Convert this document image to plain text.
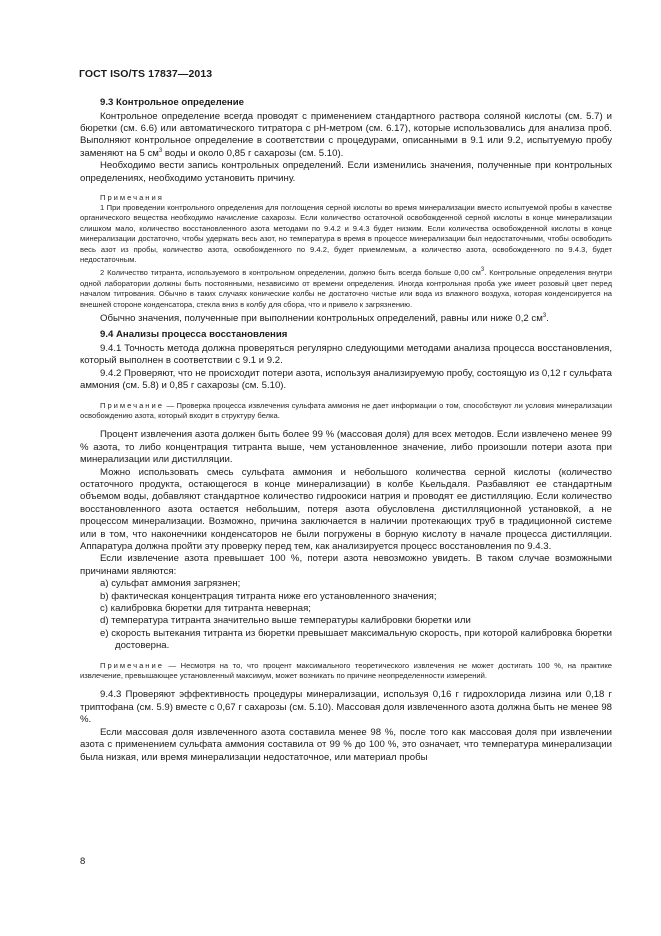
ГОСТ ISO/TS 17837—2013
9.3 Контрольное определение

Контрольное определение всегда проводят с применением стандартного раствора соляной кислоты (см. 5.7) и бюретки (см. 6.6) или автоматического титратора с рН-метром (см. 6.17), которые использовались для анализа проб. Выполняют контрольное определение в соответствии с процедурами, описанными в 9.1 или 9.2, испытуемую пробу заменяют на 5 $см^3$ воды и около 0,85 г сахарозы (см. 5.10).

Необходимо вести запись контрольных определений. Если изменились значения, полученные при контрольных определениях, необходимо установить причину.

Примечания

1 При проведении контрольного определения для поглощения серной кислоты во время минерализации вместо испытуемой пробы в качестве органического вещества необходимо начисление сахарозы. Если количество остаточной освобожденной серной кислоты в конце минерализации слишком мало, количество восстановленного азота методами по 9.4.2 и 9.4.3 будет низким. Если количества освобожденной кислоты в конце минерализации достаточно, чтобы удержать весь азот, но температура в время в процессе минерализации был недостаточными, чтобы освободить весь азот из пробы, количество азота, освобожденного по 9.4.2, будет приемлемым, а количество азота, освобожденного по 9.4.3, будет недостаточным.

2 Количество титранта, используемого в контрольном определении, должно быть всегда больше 0,00 $см^3$. Контрольные определения внутри одной лаборатории должны быть постоянными, независимо от времени определения. Иногда контрольная проба уже имеет розовый цвет перед началом титрования. Обычно в таких случаях конические колбы не достаточно чистые или вода из влажного воздуха, которая конденсируется на внешней стороне конденсатора, стекла вниз в колбу для сбора, что и привело к загрязнению.

Обычно значения, полученные при выполнении контрольных определений, равны или ниже 0,2 $см^3$.

9.4 Анализы процесса восстановления

9.4.1 Точность метода должна проверяться регулярно следующими методами анализа процесса восстановления, который выполнен в соответствии с 9.1 и 9.2.

9.4.2 Проверяют, что не происходит потери азота, используя анализируемую пробу, состоящую из 0,12 г сульфата аммония (см. 5.8) и 0,85 г сахарозы (см. 5.10).

Примечание — Проверка процесса извлечения сульфата аммония не дает информации о том, способствуют ли условия минерализации освобождению азота, который входит в структуру белка.

Процент извлечения азота должен быть более 99 % (массовая доля) для всех методов. Если извлечено менее 99 % азота, то либо концентрация титранта выше, чем установленное значение, либо произошли потери азота при минерализации или дистилляции.

Можно использовать смесь сульфата аммония и небольшого количества серной кислоты (количество остаточного продукта, остающегося в конце минерализации) в колбе Кьельдаля. Разбавляют ее стандартным объемом воды, добавляют стандартное количество гидроокиси натрия и проводят ее дистилляцию. Если количество восстановленного азота остается небольшим, потеря азота обусловлена дистилляционной установкой, а не процессом минерализации. Возможно, причина заключается в наличии протекающих труб в традиционной системе или в том, что наконечники конденсаторов не были погружены в борную кислоту в начале процесса дистилляции. Аппаратура должна пройти эту проверку перед тем, как анализируется процесс восстановления по 9.4.3.

Если извлечение азота превышает 100 %, потери азота невозможно увидеть. В таком случае возможными причинами являются:

a) сульфат аммония загрязнен;

b) фактическая концентрация титранта ниже его установленного значения;

c) калибровка бюретки для титранта неверная;

d) температура титранта значительно выше температуры калибровки бюретки или

e) скорость вытекания титранта из бюретки превышает максимальную скорость, при которой калибровка бюретки достоверна.

Примечание — Несмотря на то, что процент максимального теоретического извлечения не может достигать 100 %, на практике извлечение, превышающее установленный максимум, может возникать по причине неопределенности измерений.

9.4.3 Проверяют эффективность процедуры минерализации, используя 0,16 г гидрохлорида лизина или 0,18 г триптофана (см. 5.9) вместе с 0,67 г сахарозы (см. 5.10). Массовая доля извлеченного азота должна быть не менее 98 %.

Если массовая доля извлеченного азота составила менее 98 %, после того как массовая доля при извлечении азота с применением сульфата аммония составила от 99 % до 100 %, это означает, что температура минерализации была низкая, или время минерализации недостаточное, или материал пробы

8
